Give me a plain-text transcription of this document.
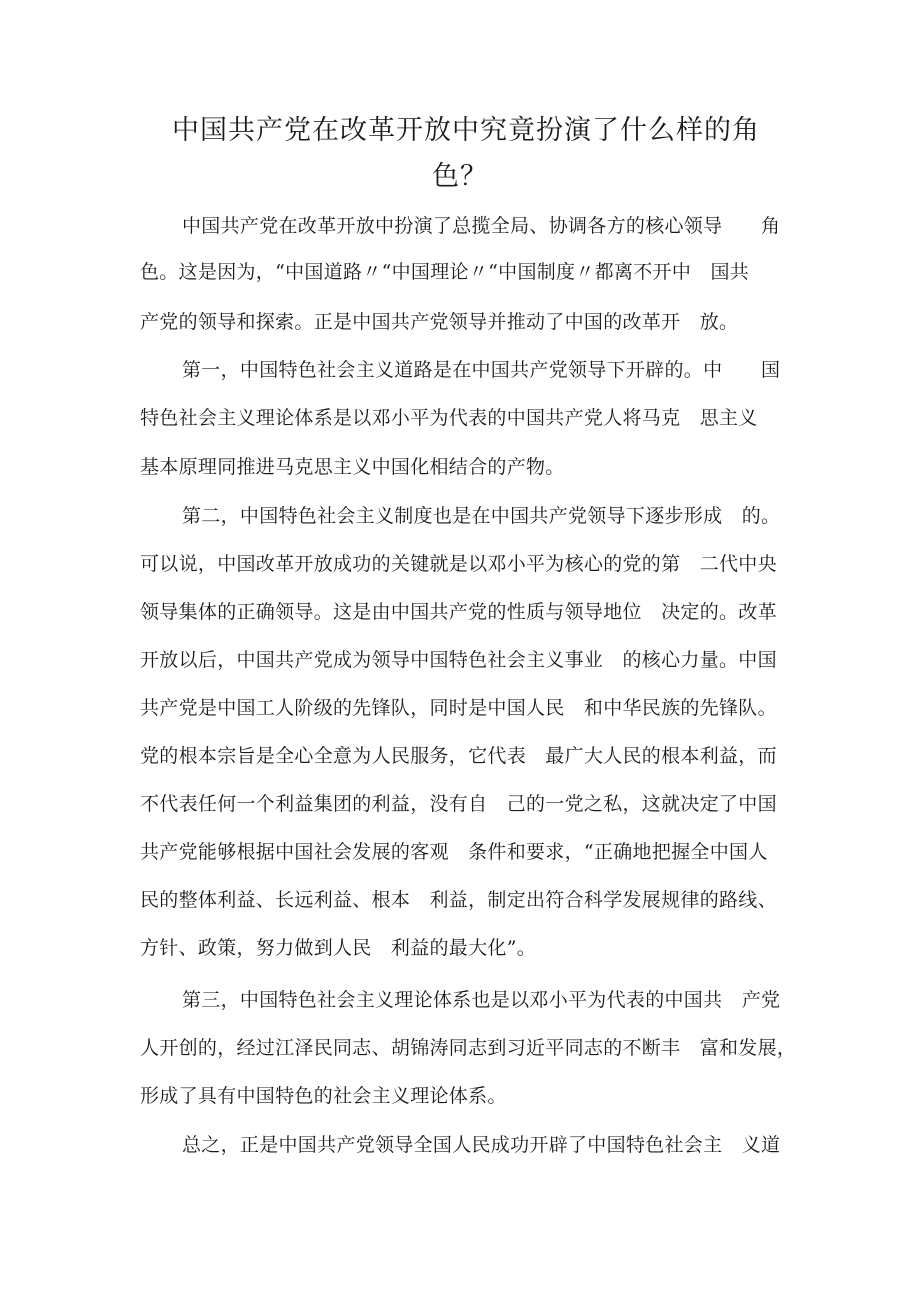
中国共产党在改革开放中究竟扮演了什么样的角
色？
中国共产党在改革开放中扮演了总揽全局、协调各方的核心领导　　角
色。这是因为，“中国道路〃“中国理论〃“中国制度〃都离不开中　国共
产党的领导和探索。正是中国共产党领导并推动了中国的改革开　放。
第一，中国特色社会主义道路是在中国共产党领导下开辟的。中　　国
特色社会主义理论体系是以邓小平为代表的中国共产党人将马克　思主义
基本原理同推进马克思主义中国化相结合的产物。
第二，中国特色社会主义制度也是在中国共产党领导下逐步形成　的。
可以说，中国改革开放成功的关键就是以邓小平为核心的党的第　二代中央
领导集体的正确领导。这是由中国共产党的性质与领导地位　决定的。改革
开放以后，中国共产党成为领导中国特色社会主义事业　的核心力量。中国
共产党是中国工人阶级的先锋队，同时是中国人民　和中华民族的先锋队。
党的根本宗旨是全心全意为人民服务，它代表　最广大人民的根本利益，而
不代表任何一个利益集团的利益，没有自　己的一党之私，这就决定了中国
共产党能够根据中国社会发展的客观　条件和要求，“正确地把握全中国人
民的整体利益、长远利益、根本　利益，制定出符合科学发展规律的路线、
方针、政策，努力做到人民　利益的最大化”。
第三，中国特色社会主义理论体系也是以邓小平为代表的中国共　产党
人开创的，经过江泽民同志、胡锦涛同志到习近平同志的不断丰　富和发展，
形成了具有中国特色的社会主义理论体系。
总之，正是中国共产党领导全国人民成功开辟了中国特色社会主　义道
